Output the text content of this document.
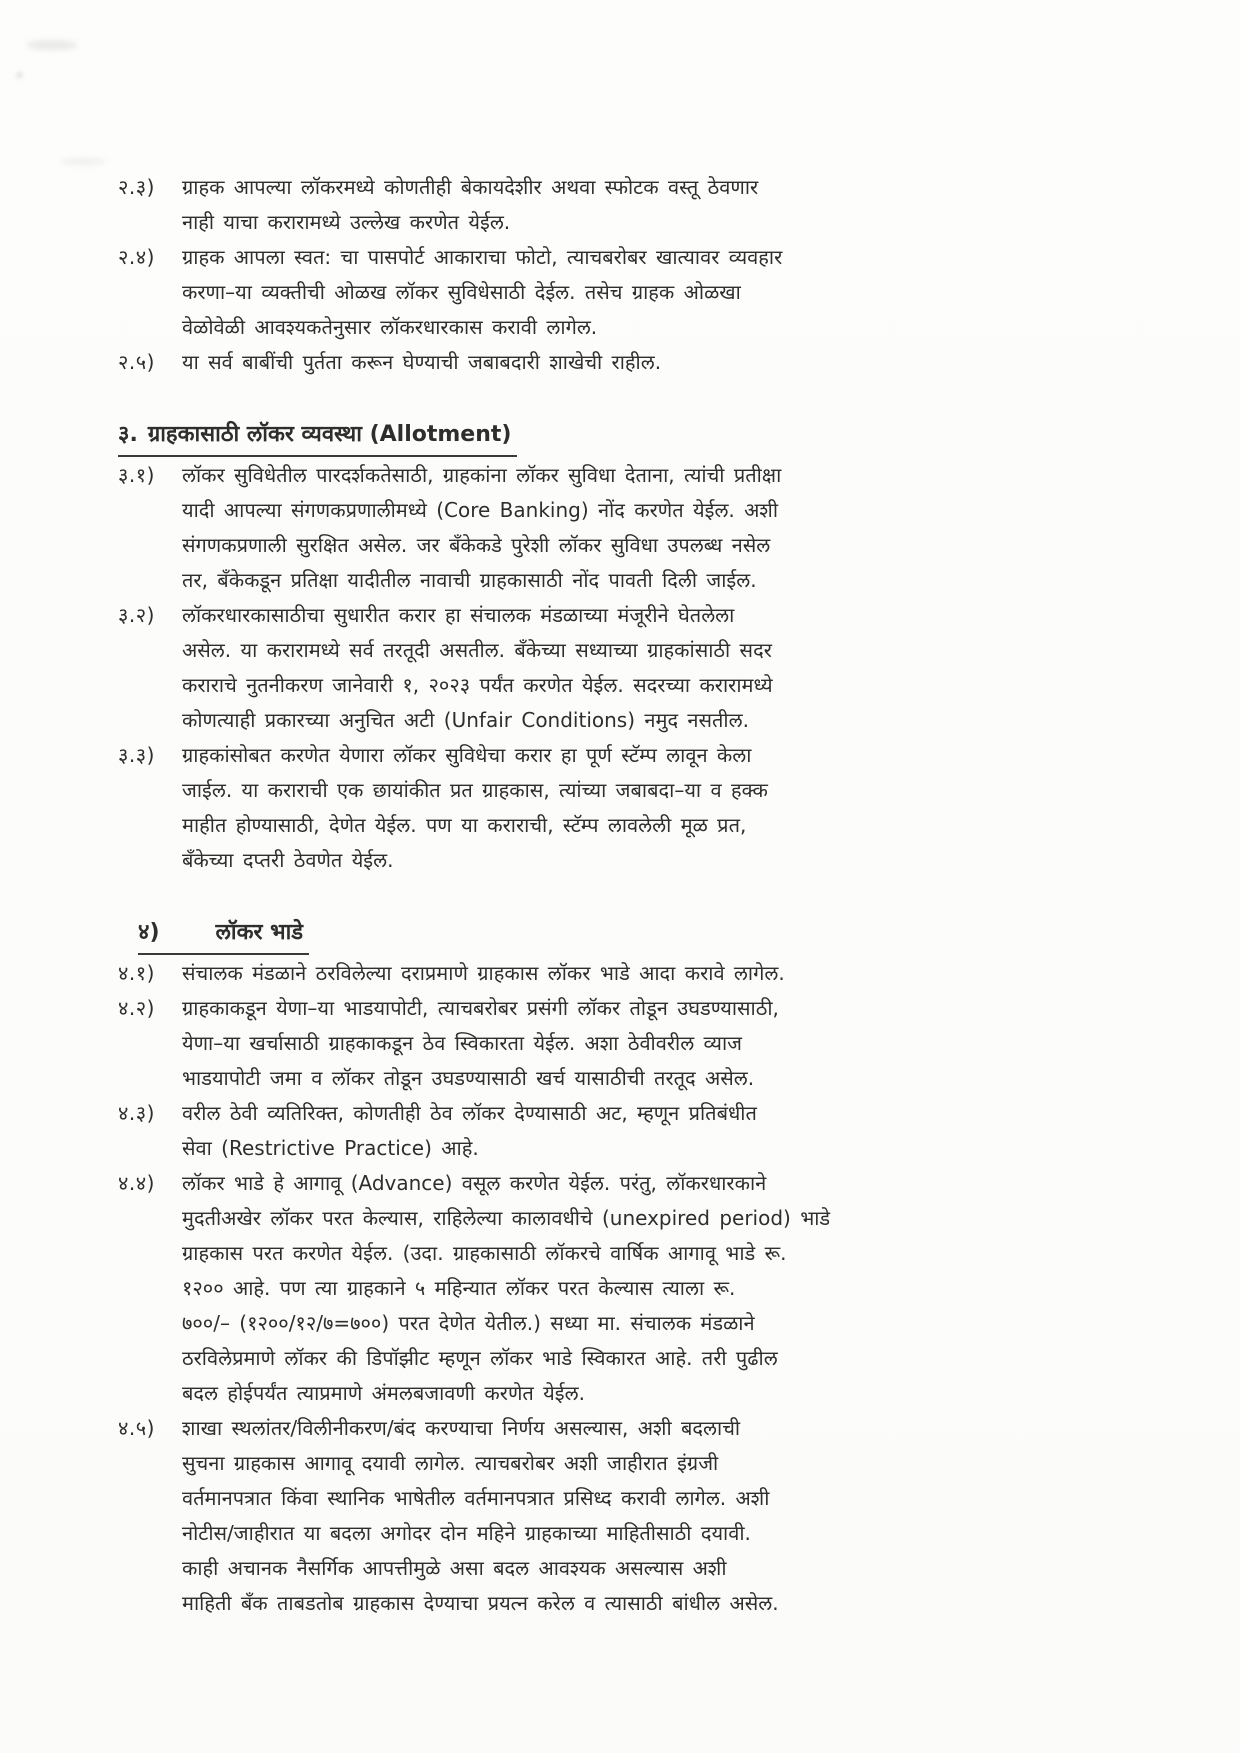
२.३)	ग्राहक आपल्या लॉकरमध्ये कोणतीही बेकायदेशीर अथवा स्फोटक वस्तू ठेवणार
नाही याचा करारामध्ये उल्लेख करणेत येईल.
२.४)	ग्राहक आपला स्वत: चा पासपोर्ट आकाराचा फोटो, त्याचबरोबर खात्यावर व्यवहार
करणा–या व्यक्तीची ओळख लॉकर सुविधेसाठी देईल. तसेच ग्राहक ओळखा
वेळोवेळी आवश्यकतेनुसार लॉकरधारकास करावी लागेल.
२.५)	या सर्व बाबींची पुर्तता करून घेण्याची जबाबदारी शाखेची राहील.
३. ग्राहकासाठी लॉकर व्यवस्था (Allotment)
३.१)	लॉकर सुविधेतील पारदर्शकतेसाठी, ग्राहकांना लॉकर सुविधा देताना, त्यांची प्रतीक्षा
यादी आपल्या संगणकप्रणालीमध्ये (Core Banking) नोंद करणेत येईल. अशी
संगणकप्रणाली सुरक्षित असेल. जर बँकेकडे पुरेशी लॉकर सुविधा उपलब्ध नसेल
तर, बँकेकडून प्रतिक्षा यादीतील नावाची ग्राहकासाठी नोंद पावती दिली जाईल.
३.२)	लॉकरधारकासाठीचा सुधारीत करार हा संचालक मंडळाच्या मंजूरीने घेतलेला
असेल. या करारामध्ये सर्व तरतूदी असतील. बँकेच्या सध्याच्या ग्राहकांसाठी सदर
कराराचे नुतनीकरण जानेवारी १, २०२३ पर्यंत करणेत येईल. सदरच्या करारामध्ये
कोणत्याही प्रकारच्या अनुचित अटी (Unfair Conditions) नमुद नसतील.
३.३)	ग्राहकांसोबत करणेत येणारा लॉकर सुविधेचा करार हा पूर्ण स्टॅम्प लावून केला
जाईल. या कराराची एक छायांकीत प्रत ग्राहकास, त्यांच्या जबाबदा–या व हक्क
माहीत होण्यासाठी, देणेत येईल. पण या कराराची, स्टॅम्प लावलेली मूळ प्रत,
बँकेच्या दप्तरी ठेवणेत येईल.
४)	लॉकर भाडे
४.१)	संचालक मंडळाने ठरविलेल्या दराप्रमाणे ग्राहकास लॉकर भाडे आदा करावे लागेल.
४.२)	ग्राहकाकडून येणा–या भाडयापोटी, त्याचबरोबर प्रसंगी लॉकर तोडून उघडण्यासाठी,
येणा–या खर्चासाठी ग्राहकाकडून ठेव स्विकारता येईल. अशा ठेवीवरील व्याज
भाडयापोटी जमा व लॉकर तोडून उघडण्यासाठी खर्च यासाठीची तरतूद असेल.
४.३)	वरील ठेवी व्यतिरिक्त, कोणतीही ठेव लॉकर देण्यासाठी अट, म्हणून प्रतिबंधीत
सेवा (Restrictive Practice) आहे.
४.४)	लॉकर भाडे हे आगावू (Advance) वसूल करणेत येईल. परंतु, लॉकरधारकाने
मुदतीअखेर लॉकर परत केल्यास, राहिलेल्या कालावधीचे (unexpired period) भाडे
ग्राहकास परत करणेत येईल. (उदा. ग्राहकासाठी लॉकरचे वार्षिक आगावू भाडे रू.
१२०० आहे. पण त्या ग्राहकाने ५ महिन्यात लॉकर परत केल्यास त्याला रू.
७००/– (१२००/१२/७=७००) परत देणेत येतील.) सध्या मा. संचालक मंडळाने
ठरविलेप्रमाणे लॉकर की डिपॉझीट म्हणून लॉकर भाडे स्विकारत आहे. तरी पुढील
बदल होईपर्यंत त्याप्रमाणे अंमलबजावणी करणेत येईल.
४.५)	शाखा स्थलांतर/विलीनीकरण/बंद करण्याचा निर्णय असल्यास, अशी बदलाची
सुचना ग्राहकास आगावू दयावी लागेल. त्याचबरोबर अशी जाहीरात इंग्रजी
वर्तमानपत्रात किंवा स्थानिक भाषेतील वर्तमानपत्रात प्रसिध्द करावी लागेल. अशी
नोटीस/जाहीरात या बदला अगोदर दोन महिने ग्राहकाच्या माहितीसाठी दयावी.
काही अचानक नैसर्गिक आपत्तीमुळे असा बदल आवश्यक असल्यास अशी
माहिती बँक ताबडतोब ग्राहकास देण्याचा प्रयत्न करेल व त्यासाठी बांधील असेल.
